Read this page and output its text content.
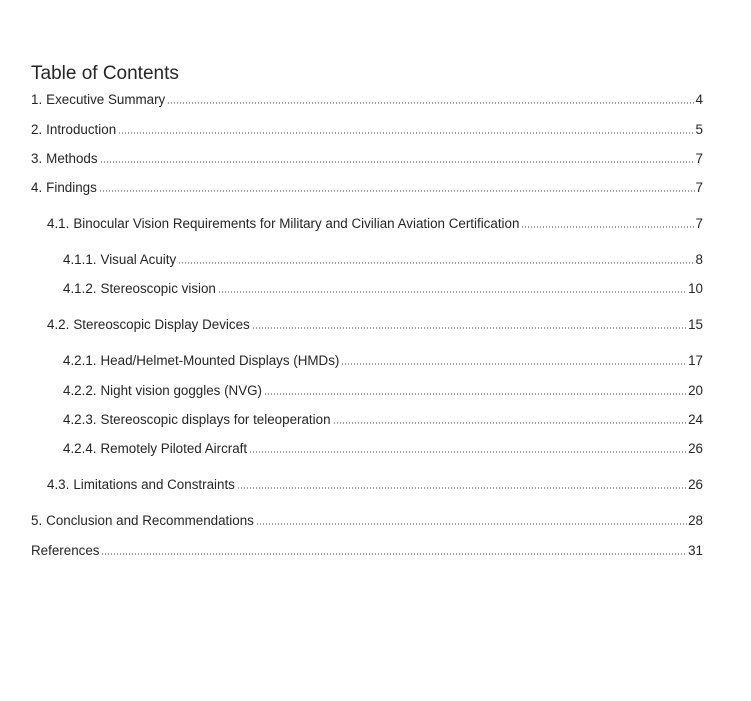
Table of Contents
1. Executive Summary	4
2. Introduction	5
3. Methods	7
4. Findings	7
4.1. Binocular Vision Requirements for Military and Civilian Aviation Certification	7
4.1.1. Visual Acuity	8
4.1.2. Stereoscopic vision	10
4.2. Stereoscopic Display Devices	15
4.2.1. Head/Helmet-Mounted Displays (HMDs)	17
4.2.2. Night vision goggles (NVG)	20
4.2.3. Stereoscopic displays for teleoperation	24
4.2.4. Remotely Piloted Aircraft	26
4.3. Limitations and Constraints	26
5. Conclusion and Recommendations	28
References	31
